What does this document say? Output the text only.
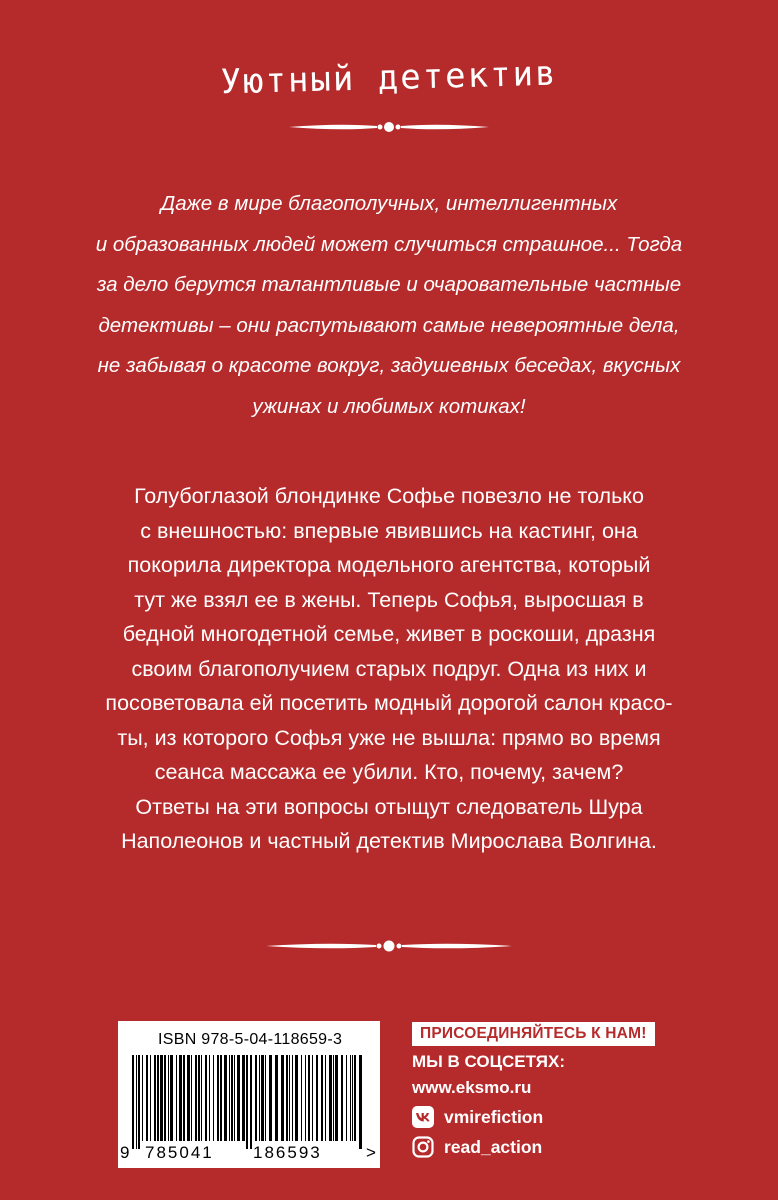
Уютный детектив
Даже в мире благополучных, интеллигентных
и образованных людей может случиться страшное... Тогда
за дело берутся талантливые и очаровательные частные
детективы – они распутывают самые невероятные дела,
не забывая о красоте вокруг, задушевных беседах, вкусных
ужинах и любимых котиках!
Голубоглазой блондинке Софье повезло не только
с внешностью: впервые явившись на кастинг, она
покорила директора модельного агентства, который
тут же взял ее в жены. Теперь Софья, выросшая в
бедной многодетной семье, живет в роскоши, дразня
своим благополучием старых подруг. Одна из них и
посоветовала ей посетить модный дорогой салон красо-
ты, из которого Софья уже не вышла: прямо во время
сеанса массажа ее убили. Кто, почему, зачем?
Ответы на эти вопросы отыщут следователь Шура
Наполеонов и частный детектив Мирослава Волгина.
ISBN 978-5-04-118659-3
9 785041 186593	>
ПРИСОЕДИНЯЙТЕСЬ К НАМ!
МЫ В СОЦСЕТЯХ:
www.eksmo.ru
vmirefiction
read_action
